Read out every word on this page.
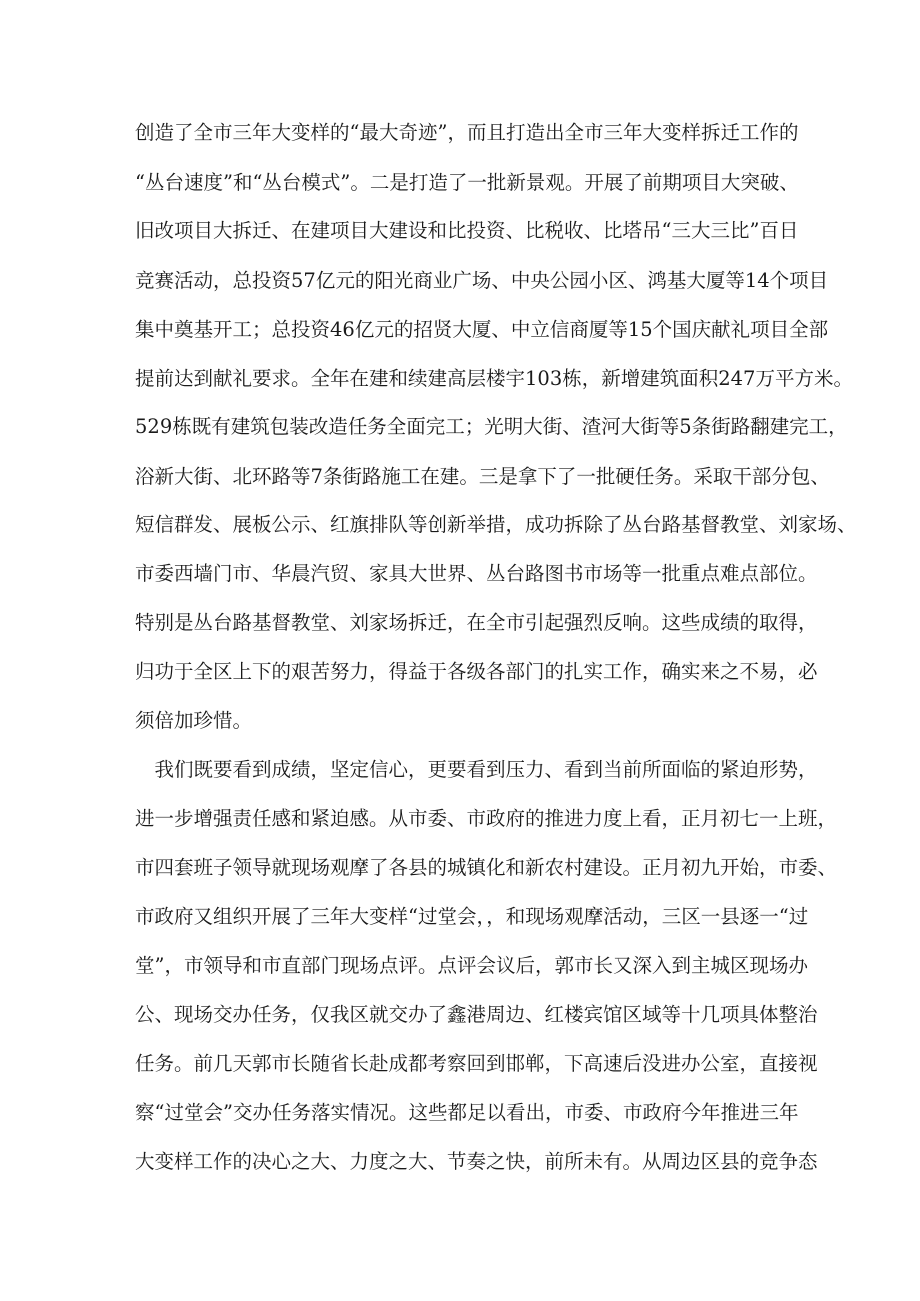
创造了全市三年大变样的“最大奇迹”，而且打造出全市三年大变样拆迁工作的
“丛台速度”和“丛台模式”。二是打造了一批新景观。开展了前期项目大突破、
旧改项目大拆迁、在建项目大建设和比投资、比税收、比塔吊“三大三比”百日
竞赛活动，总投资57亿元的阳光商业广场、中央公园小区、鸿基大厦等14个项目
集中奠基开工；总投资46亿元的招贤大厦、中立信商厦等15个国庆献礼项目全部
提前达到献礼要求。全年在建和续建高层楼宇103栋，新增建筑面积247万平方米。
529栋既有建筑包装改造任务全面完工；光明大街、渣河大街等5条街路翻建完工，
浴新大街、北环路等7条街路施工在建。三是拿下了一批硬任务。采取干部分包、
短信群发、展板公示、红旗排队等创新举措，成功拆除了丛台路基督教堂、刘家场、
市委西墙门市、华晨汽贸、家具大世界、丛台路图书市场等一批重点难点部位。
特别是丛台路基督教堂、刘家场拆迁，在全市引起强烈反响。这些成绩的取得，
归功于全区上下的艰苦努力，得益于各级各部门的扎实工作，确实来之不易，必
须倍加珍惜。
　我们既要看到成绩，坚定信心，更要看到压力、看到当前所面临的紧迫形势，
进一步增强责任感和紧迫感。从市委、市政府的推进力度上看，正月初七一上班，
市四套班子领导就现场观摩了各县的城镇化和新农村建设。正月初九开始，市委、
市政府又组织开展了三年大变样“过堂会，，和现场观摩活动，三区一县逐一“过
堂”，市领导和市直部门现场点评。点评会议后，郭市长又深入到主城区现场办
公、现场交办任务，仅我区就交办了鑫港周边、红楼宾馆区域等十几项具体整治
任务。前几天郭市长随省长赴成都考察回到邯郸，下高速后没进办公室，直接视
察“过堂会”交办任务落实情况。这些都足以看出，市委、市政府今年推进三年
大变样工作的决心之大、力度之大、节奏之快，前所未有。从周边区县的竞争态
